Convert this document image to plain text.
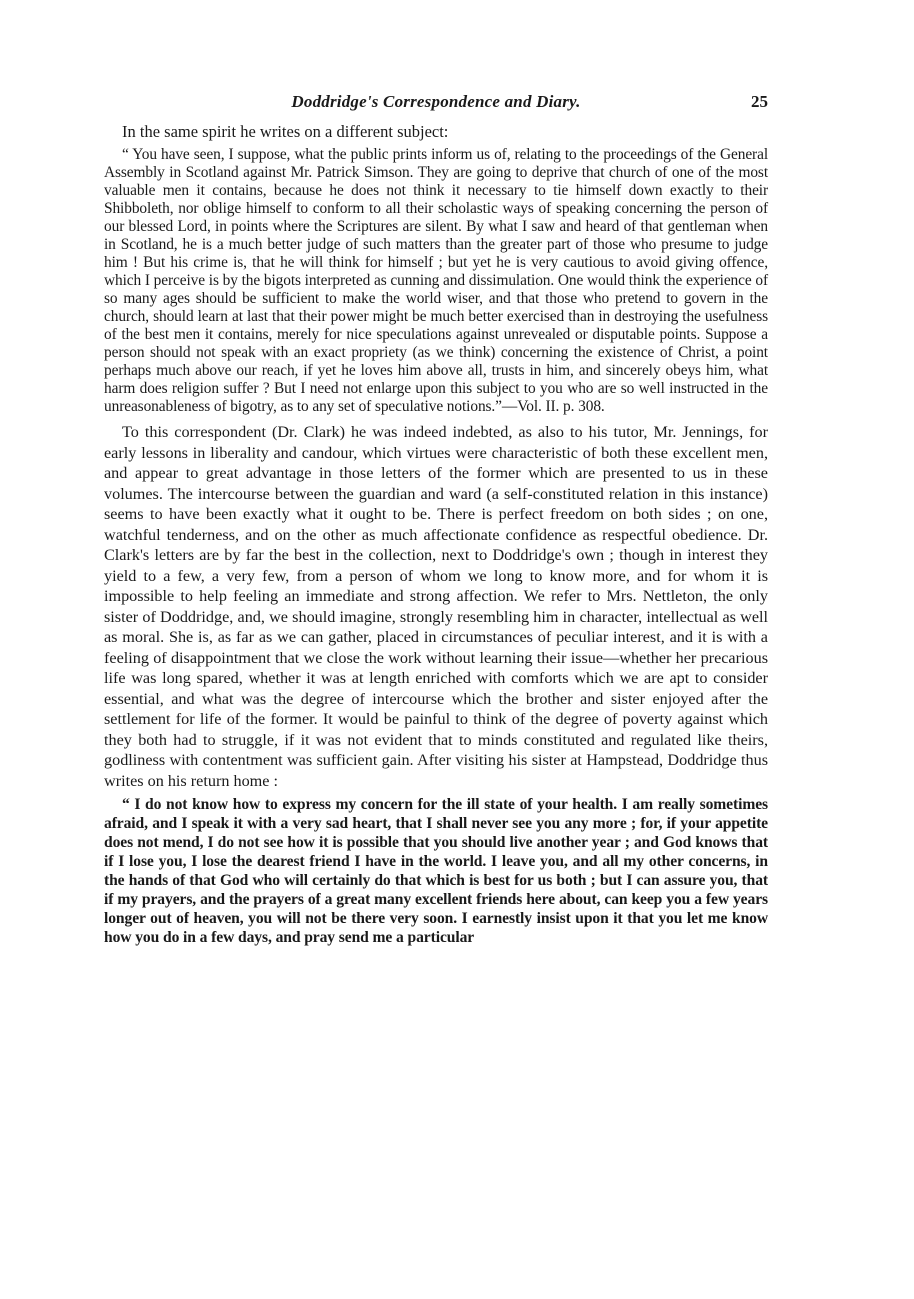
Doddridge's Correspondence and Diary.	25

In the same spirit he writes on a different subject:

“ You have seen, I suppose, what the public prints inform us of, relating to the proceedings of the General Assembly in Scotland against Mr. Patrick Simson. They are going to deprive that church of one of the most valuable men it contains, because he does not think it necessary to tie himself down exactly to their Shibboleth, nor oblige himself to conform to all their scholastic ways of speaking concerning the person of our blessed Lord, in points where the Scriptures are silent. By what I saw and heard of that gentleman when in Scotland, he is a much better judge of such matters than the greater part of those who presume to judge him ! But his crime is, that he will think for himself ; but yet he is very cautious to avoid giving offence, which I perceive is by the bigots interpreted as cunning and dissimulation. One would think the experience of so many ages should be sufficient to make the world wiser, and that those who pretend to govern in the church, should learn at last that their power might be much better exercised than in destroying the usefulness of the best men it contains, merely for nice speculations against unrevealed or disputable points. Suppose a person should not speak with an exact propriety (as we think) concerning the existence of Christ, a point perhaps much above our reach, if yet he loves him above all, trusts in him, and sincerely obeys him, what harm does religion suffer ? But I need not enlarge upon this subject to you who are so well instructed in the unreasonableness of bigotry, as to any set of speculative notions.”—Vol. II. p. 308.

To this correspondent (Dr. Clark) he was indeed indebted, as also to his tutor, Mr. Jennings, for early lessons in liberality and candour, which virtues were characteristic of both these excellent men, and appear to great advantage in those letters of the former which are presented to us in these volumes. The intercourse between the guardian and ward (a self-constituted relation in this instance) seems to have been exactly what it ought to be. There is perfect freedom on both sides ; on one, watchful tenderness, and on the other as much affectionate confidence as respectful obedience. Dr. Clark's letters are by far the best in the collection, next to Doddridge's own ; though in interest they yield to a few, a very few, from a person of whom we long to know more, and for whom it is impossible to help feeling an immediate and strong affection. We refer to Mrs. Nettleton, the only sister of Doddridge, and, we should imagine, strongly resembling him in character, intellectual as well as moral. She is, as far as we can gather, placed in circumstances of peculiar interest, and it is with a feeling of disappointment that we close the work without learning their issue—whether her precarious life was long spared, whether it was at length enriched with comforts which we are apt to consider essential, and what was the degree of intercourse which the brother and sister enjoyed after the settlement for life of the former. It would be painful to think of the degree of poverty against which they both had to struggle, if it was not evident that to minds constituted and regulated like theirs, godliness with contentment was sufficient gain. After visiting his sister at Hampstead, Doddridge thus writes on his return home :

“ I do not know how to express my concern for the ill state of your health. I am really sometimes afraid, and I speak it with a very sad heart, that I shall never see you any more ; for, if your appetite does not mend, I do not see how it is possible that you should live another year ; and God knows that if I lose you, I lose the dearest friend I have in the world. I leave you, and all my other concerns, in the hands of that God who will certainly do that which is best for us both ; but I can assure you, that if my prayers, and the prayers of a great many excellent friends here about, can keep you a few years longer out of heaven, you will not be there very soon. I earnestly insist upon it that you let me know how you do in a few days, and pray send me a particular
